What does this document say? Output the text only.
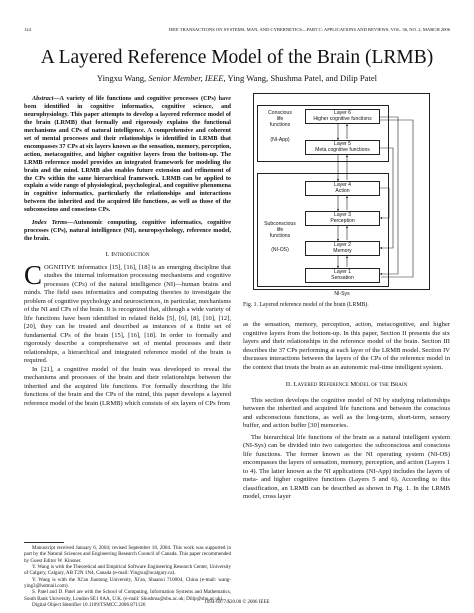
124	IEEE TRANSACTIONS ON SYSTEMS, MAN, AND CYBERNETICS—PART C: APPLICATIONS AND REVIEWS, VOL. 36, NO. 2, MARCH 2006
A Layered Reference Model of the Brain (LRMB)
Yingxu Wang, Senior Member, IEEE, Ying Wang, Shushma Patel, and Dilip Patel

Abstract—A variety of life functions and cognitive processes (CPs) have been identified in cognitive informatics, cognitive science, and neurophysiology. This paper attempts to develop a layered reference model of the brain (LRMB) that formally and rigorously explains the functional mechanisms and CPs of natural intelligence. A comprehensive and coherent set of mental processes and their relationships is identified in LRMB that encompasses 37 CPs at six layers known as the sensation, memory, perception, action, metacognitive, and higher cognitive layers from the bottom-up. The LRMB reference model provides an integrated framework for modeling the brain and the mind. LRMB also enables future extension and refinement of the CPs within the same hierarchical framework. LRMB can be applied to explain a wide range of physiological, psychological, and cognitive phenomena in cognitive informatics, particularly the relationships and interactions between the inherited and the acquired life functions, as well as those of the subconscious and conscious CPs.

Index Terms—Autonomic computing, cognitive informatics, cognitive processes (CPs), natural intelligence (NI), neuropsychology, reference model, the brain.

I. Introduction

COGNITIVE informatics [15], [16], [18] is an emerging discipline that studies the internal information processing mechanisms and cognitive processes (CPs) of the natural intelligence (NI)—human brains and minds. The field uses informatics and computing theories to investigate the problem of cognitive psychology and neurosciences, in particular, mechanisms of the NI and CPs of the brain. It is recognized that, although a wide variety of life functions have been identified in related fields [5], [6], [8], [10], [12], [20], they can be treated and described as instances of a finite set of fundamental CPs of the brain [15], [16], [18]. In order to formally and rigorously describe a comprehensive set of mental processes and their relationships, a hierarchical and integrated reference model of the brain is required.

In [21], a cognitive model of the brain was developed to reveal the mechanisms and processes of the brain and their relationships between the inherited and the acquired life functions. For formally describing the life functions of the brain and the CPs of the mind, this paper develops a layered reference model of the brain (LRMB) which consists of six layers of CPs from

Manuscript received January 6, 2004; revised September 18, 2004. This work was supported in part by the Natural Sciences and Engineering Research Council of Canada. This paper recommended by Guest Editor W. Kinsner.

Y. Wang is with the Theoretical and Empirical Software Engineering Research Center, University of Calgary, Calgary, AB T2N 1N4, Canada (e-mail: Yingxu@ucalgary.ca).

Y. Wang is with the Xi'an Jiaotong University, Xi'an, Shaanxi 710004, China (e-mail: wang-ying3@hotmail.com).

S. Patel and D. Patel are with the School of Computing, Information Systems and Mathematics, South Bank University, London SE1 0AA, U.K. (e-mail: Shushma@sbu.ac.uk; Dilip@sbu.ac.uk).

Digital Object Identifier 10.1109/TSMCC.2006.871126

Conscious
life
functions
(NI-App)
Subconscious
life
functions
(NI-OS)
NI-Sys
Layer 6
Higher cognitive functions
Layer 5
Meta cognitive functions
Layer 4
Action
Layer 3
Perception
Layer 2
Memory
Layer 1
Sensation
Fig. 1. Layered reference model of the brain (LRMB).

as the sensation, memory, perception, action, metacognitive, and higher cognitive layers from the bottom-up. In this paper, Section II presents the six layers and their relationships in the reference model of the brain. Section III describes the 37 CPs performing at each layer of the LRMB model. Section IV discusses interactions between the layers of the CPs of the reference model in the context that treats the brain as an autonomic real-time intelligent system.

II. Layered Reference Model of the Brain

This section develops the cognitive model of NI by studying relationships between the inherited and acquired life functions and between the conscious and subconscious functions, as well as the long-term, short-term, sensory buffer, and action buffer [30] memories.

The hierarchical life functions of the brain as a natural intelligent system (NI-Sys) can be divided into two categories: the subconscious and conscious life functions. The former known as the NI operating system (NI-OS) encompasses the layers of sensation, memory, perception, and action (Layers 1 to 4). The latter known as the NI applications (NI-App) includes the layers of meta- and higher cognitive functions (Layers 5 and 6). According to this classification, an LRMB can be described as shown in Fig. 1. In the LRMB model, cross layer

1094-6977/$20.00 © 2006 IEEE
